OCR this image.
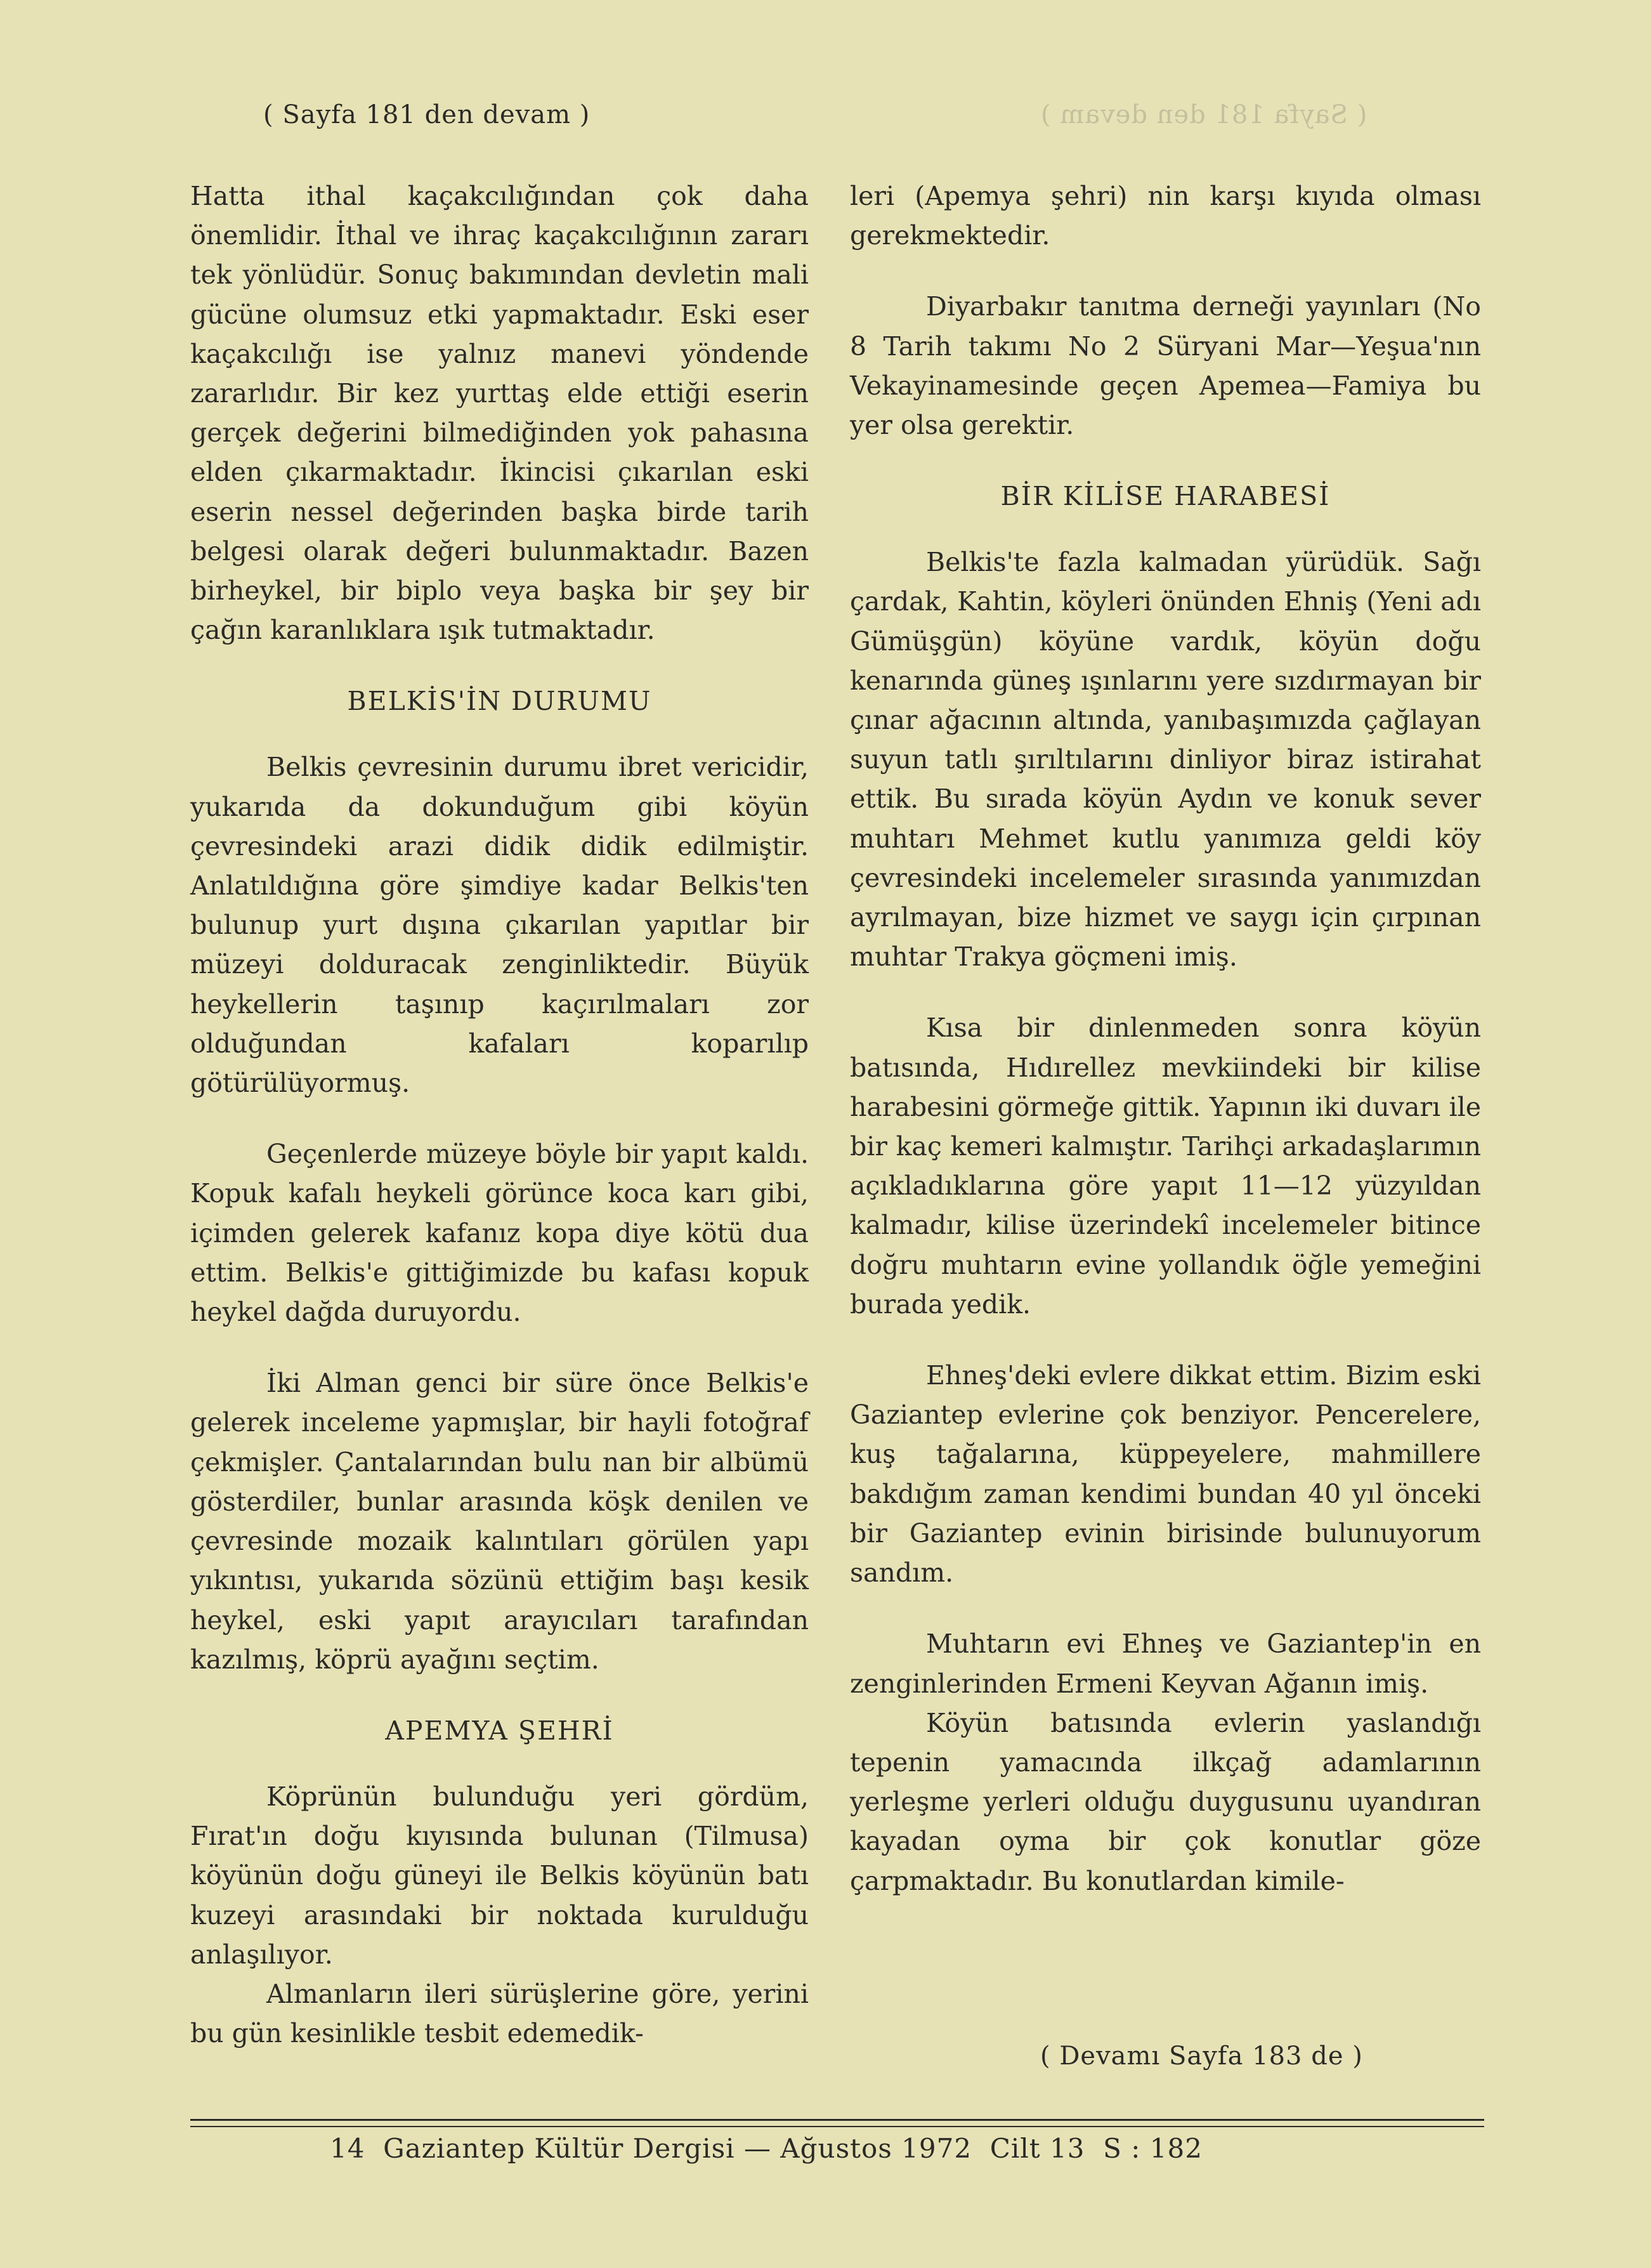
( Sayfa 181 den devam )	( Sayfa 181 den devam )

Hatta ithal kaçakcılığından çok daha önemlidir. İthal ve ihraç kaçakcılığının zararı tek yönlüdür. Sonuç bakımından devletin mali gücüne olumsuz etki yapmaktadır. Eski eser kaçakcılığı ise yalnız manevi yöndende zararlıdır. Bir kez yurttaş elde ettiği eserin gerçek değerini bilmediğinden yok pahasına elden çıkarmaktadır. İkincisi çıkarılan eski eserin nessel değerinden başka birde tarih belgesi olarak değeri bulunmaktadır. Bazen birheykel, bir biplo veya başka bir şey bir çağın karanlıklara ışık tutmaktadır.

BELKİS'İN DURUMU

Belkis çevresinin durumu ibret vericidir, yukarıda da dokunduğum gibi köyün çevresindeki arazi didik didik edilmiştir. Anlatıldığına göre şimdiye kadar Belkis'ten bulunup yurt dışına çıkarılan yapıtlar bir müzeyi dolduracak zenginliktedir. Büyük heykellerin taşınıp kaçırılmaları zor olduğundan kafaları koparılıp götürülüyormuş.

Geçenlerde müzeye böyle bir yapıt kaldı. Kopuk kafalı heykeli görünce koca karı gibi, içimden gelerek kafanız kopa diye kötü dua ettim. Belkis'e gittiğimizde bu kafası kopuk heykel dağda duruyordu.

İki Alman genci bir süre önce Belkis'e gelerek inceleme yapmışlar, bir hayli fotoğraf çekmişler. Çantalarından bulu nan bir albümü gösterdiler, bunlar arasında köşk denilen ve çevresinde mozaik kalıntıları görülen yapı yıkıntısı, yukarıda sözünü ettiğim başı kesik heykel, eski yapıt arayıcıları tarafından kazılmış, köprü ayağını seçtim.

APEMYA ŞEHRİ

Köprünün bulunduğu yeri gördüm, Fırat'ın doğu kıyısında bulunan (Tilmusa) köyünün doğu güneyi ile Belkis köyünün batı kuzeyi arasındaki bir noktada kurulduğu anlaşılıyor.

Almanların ileri sürüşlerine göre, yerini bu gün kesinlikle tesbit edemedik-

leri (Apemya şehri) nin karşı kıyıda olması gerekmektedir.

Diyarbakır tanıtma derneği yayınları (No 8 Tarih takımı No 2 Süryani Mar—Yeşua'nın Vekayinamesinde geçen Apemea—Famiya bu yer olsa gerektir.

BİR KİLİSE HARABESİ

Belkis'te fazla kalmadan yürüdük. Sağı çardak, Kahtin, köyleri önünden Ehniş (Yeni adı Gümüşgün) köyüne vardık, köyün doğu kenarında güneş ışınlarını yere sızdırmayan bir çınar ağacının altında, yanıbaşımızda çağlayan suyun tatlı şırıltılarını dinliyor biraz istirahat ettik. Bu sırada köyün Aydın ve konuk sever muhtarı Mehmet kutlu yanımıza geldi köy çevresindeki incelemeler sırasında yanımızdan ayrılmayan, bize hizmet ve saygı için çırpınan muhtar Trakya göçmeni imiş.

Kısa bir dinlenmeden sonra köyün batısında, Hıdırellez mevkiindeki bir kilise harabesini görmeğe gittik. Yapının iki duvarı ile bir kaç kemeri kalmıştır. Tarihçi arkadaşlarımın açıkladıklarına göre yapıt 11—12 yüzyıldan kalmadır, kilise üzerindekî incelemeler bitince doğru muhtarın evine yollandık öğle yemeğini burada yedik.

Ehneş'deki evlere dikkat ettim. Bizim eski Gaziantep evlerine çok benziyor. Pencerelere, kuş tağalarına, küppeyelere, mahmillere bakdığım zaman kendimi bundan 40 yıl önceki bir Gaziantep evinin birisinde bulunuyorum sandım.

Muhtarın evi Ehneş ve Gaziantep'in en zenginlerinden Ermeni Keyvan Ağanın imiş.

Köyün batısında evlerin yaslandığı tepenin yamacında ilkçağ adamlarının yerleşme yerleri olduğu duygusunu uyandıran kayadan oyma bir çok konutlar göze çarpmaktadır. Bu konutlardan kimile-

( Devamı Sayfa 183 de )
14 Gaziantep Kültür Dergisi — Ağustos 1972 Cilt 13 S : 182
